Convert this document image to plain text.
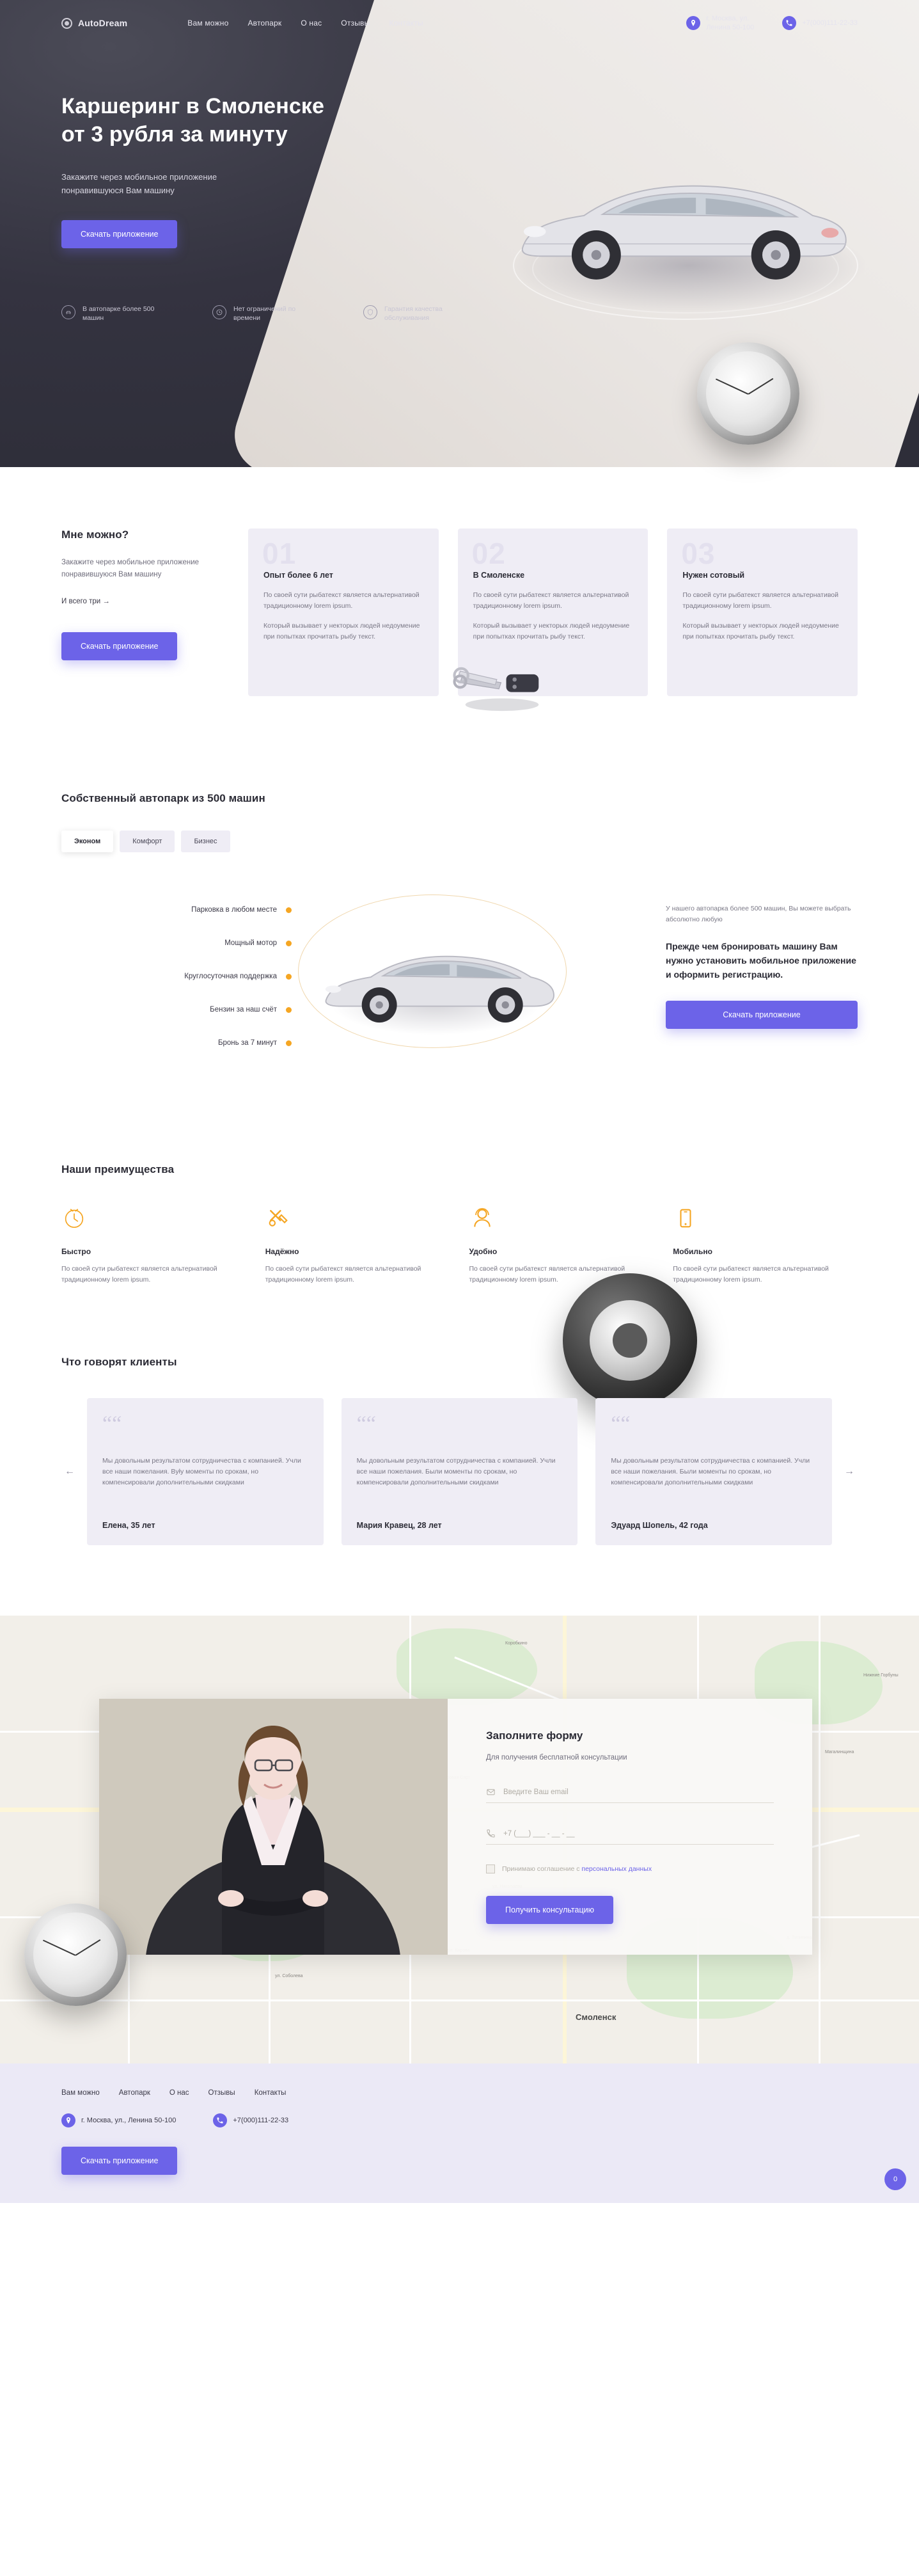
AutoDream	Вам можно	Автопарк	О нас	Отзывы	Контакты	г. Москва, ул.
Ленина 50-100
+7(000)111-22-33
Каршеринг в Смоленске
от 3 рубля за минуту

Закажите через мобильное приложение понравившуюся Вам машину

Скачать приложение
В автопарке более 500 машин
Нет ограничений по времени
Гарантия качества обслуживания
Мне можно?

Закажите через мобильное приложение понравившуюся Вам машину

И всего три →
Скачать приложение
01
Опыт более 6 лет

По своей сути рыбатекст является альтернативой традиционному lorem ipsum.

Который вызывает у некторых людей недоумение при попытках прочитать рыбу текст.

02
В Смоленске

По своей сути рыбатекст является альтернативой традиционному lorem ipsum.

Который вызывает у некторых людей недоумение при попытках прочитать рыбу текст.

03
Нужен сотовый

По своей сути рыбатекст является альтернативой традиционному lorem ipsum.

Который вызывает у некторых людей недоумение при попытках прочитать рыбу текст.

Собственный автопарк из 500 машин
Эконом	Комфорт	Бизнес
Парковка в любом месте
Мощный мотор
Круглосуточная поддержка
Бензин за наш счёт
Бронь за 7 минут

У нашего автопарка более 500 машин, Вы можете выбрать абсолютно любую

Прежде чем бронировать машину Вам нужно установить мобильное приложение и оформить регистрацию.

Скачать приложение
Наши преимущества
Быстро

По своей сути рыбатекст является альтернативой традиционному lorem ipsum.

Надёжно

По своей сути рыбатекст является альтернативой традиционному lorem ipsum.

Удобно

По своей сути рыбатекст является альтернативой традиционному lorem ipsum.

Мобильно

По своей сути рыбатекст является альтернативой традиционному lorem ipsum.

Что говорят клиенты
←
““

Мы довольным результатом сотрудничества с компанией. Учли все наши пожелания. Były моменты по срокам, но компенсировали дополнительными скидками

Елена, 35 лет
““

Мы довольным результатом сотрудничества с компанией. Учли все наши пожелания. Были моменты по срокам, но компенсировали дополнительными скидками

Мария Кравец, 28 лет
““

Мы довольным результатом сотрудничества с компанией. Учли все наши пожелания. Были моменты по срокам, но компенсировали дополнительными скидками

Эдуард Шопель, 42 года
→
Коробкино
Нижние Горбуны
Магалинщина
ул. Соболева
Смоленск
Заполните форму

Для получения бесплатной консультации

Введите Ваш email
+7 (___) ___ - __ - __
Принимаю соглашение с персональных данных
Получить консультацию
Вам можно	Автопарк	О нас	Отзывы	Контакты
г. Москва, ул., Ленина 50-100	+7(000)111-22-33
Скачать приложение
0
